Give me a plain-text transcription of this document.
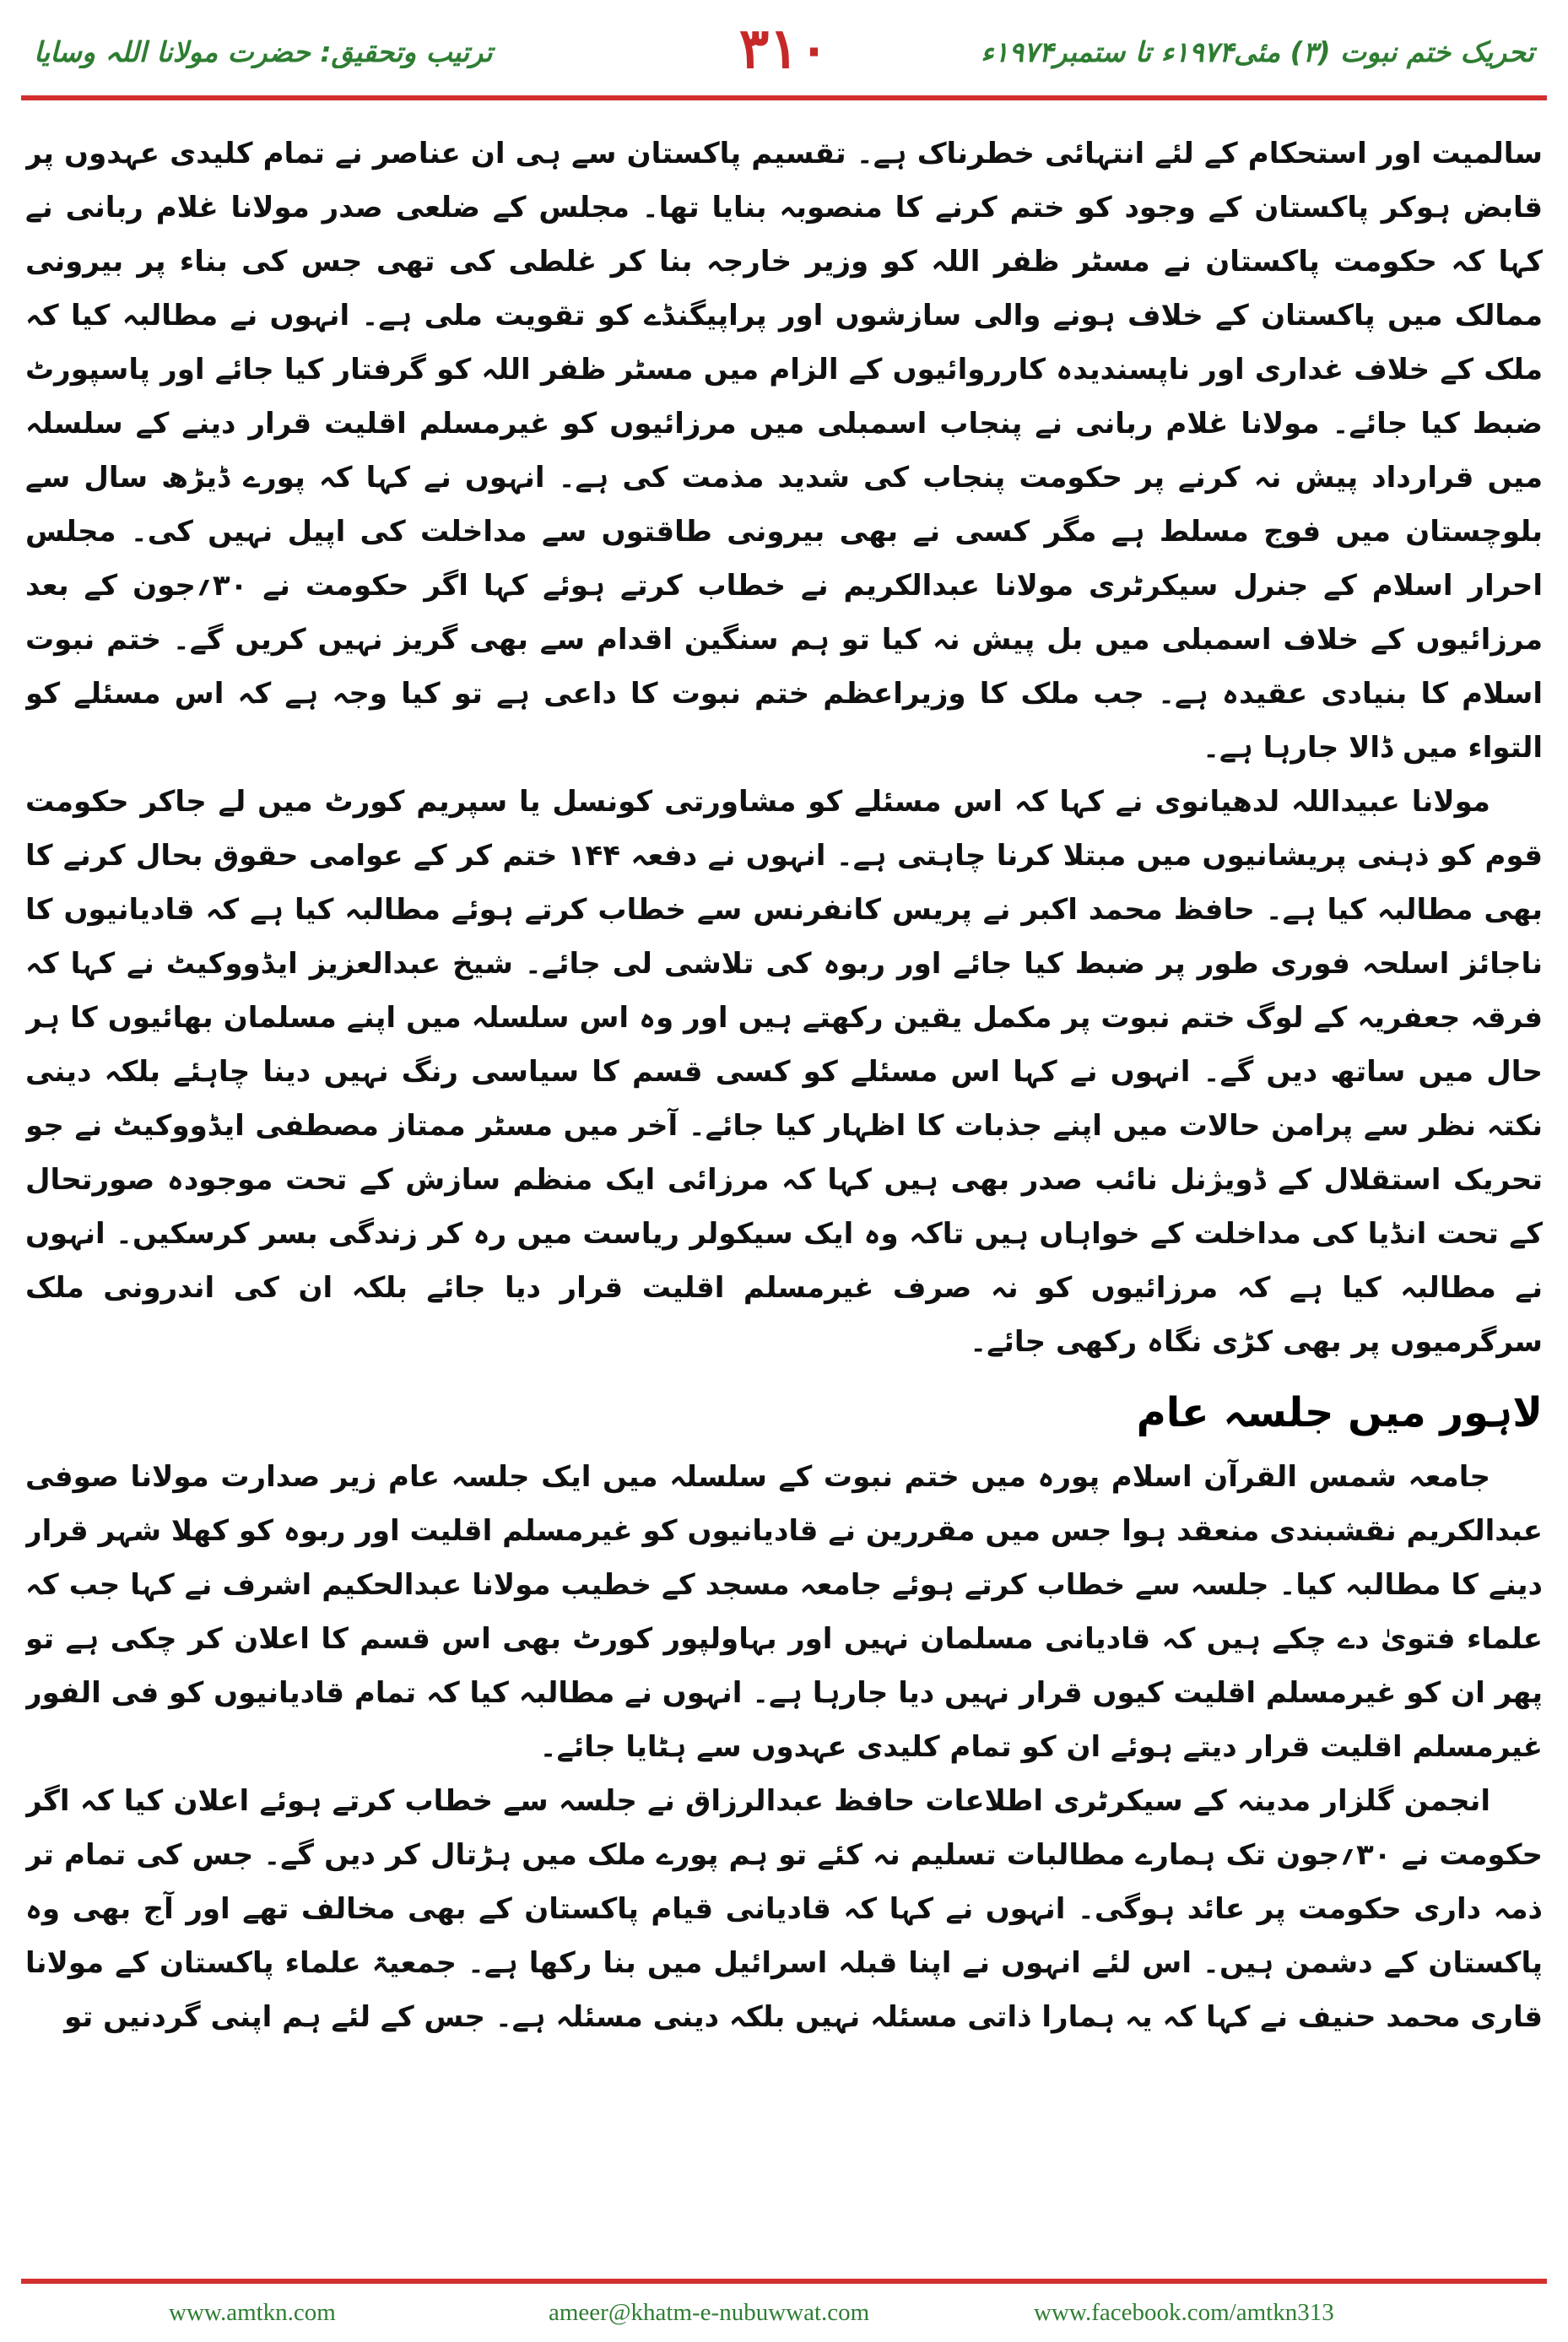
تحریک ختم نبوت (۳) مئی۱۹۷۴ء تا ستمبر۱۹۷۴ء
۳۱۰
ترتیب وتحقیق: حضرت مولانا اللہ وسایا

سالمیت اور استحکام کے لئے انتہائی خطرناک ہے۔ تقسیم پاکستان سے ہی ان عناصر نے تمام کلیدی عہدوں پر قابض ہوکر پاکستان کے وجود کو ختم کرنے کا منصوبہ بنایا تھا۔ مجلس کے ضلعی صدر مولانا غلام ربانی نے کہا کہ حکومت پاکستان نے مسٹر ظفر اللہ کو وزیر خارجہ بنا کر غلطی کی تھی جس کی بناء پر بیرونی ممالک میں پاکستان کے خلاف ہونے والی سازشوں اور پراپیگنڈے کو تقویت ملی ہے۔ انہوں نے مطالبہ کیا کہ ملک کے خلاف غداری اور ناپسندیدہ کارروائیوں کے الزام میں مسٹر ظفر اللہ کو گرفتار کیا جائے اور پاسپورٹ ضبط کیا جائے۔ مولانا غلام ربانی نے پنجاب اسمبلی میں مرزائیوں کو غیرمسلم اقلیت قرار دینے کے سلسلہ میں قرارداد پیش نہ کرنے پر حکومت پنجاب کی شدید مذمت کی ہے۔ انہوں نے کہا کہ پورے ڈیڑھ سال سے بلوچستان میں فوج مسلط ہے مگر کسی نے بھی بیرونی طاقتوں سے مداخلت کی اپیل نہیں کی۔ مجلس احرار اسلام کے جنرل سیکرٹری مولانا عبدالکریم نے خطاب کرتے ہوئے کہا اگر حکومت نے ۳۰؍جون کے بعد مرزائیوں کے خلاف اسمبلی میں بل پیش نہ کیا تو ہم سنگین اقدام سے بھی گریز نہیں کریں گے۔ ختم نبوت اسلام کا بنیادی عقیدہ ہے۔ جب ملک کا وزیراعظم ختم نبوت کا داعی ہے تو کیا وجہ ہے کہ اس مسئلے کو التواء میں ڈالا جارہا ہے۔

مولانا عبیداللہ لدھیانوی نے کہا کہ اس مسئلے کو مشاورتی کونسل یا سپریم کورٹ میں لے جاکر حکومت قوم کو ذہنی پریشانیوں میں مبتلا کرنا چاہتی ہے۔ انہوں نے دفعہ ۱۴۴ ختم کر کے عوامی حقوق بحال کرنے کا بھی مطالبہ کیا ہے۔ حافظ محمد اکبر نے پریس کانفرنس سے خطاب کرتے ہوئے مطالبہ کیا ہے کہ قادیانیوں کا ناجائز اسلحہ فوری طور پر ضبط کیا جائے اور ربوہ کی تلاشی لی جائے۔ شیخ عبدالعزیز ایڈووکیٹ نے کہا کہ فرقہ جعفریہ کے لوگ ختم نبوت پر مکمل یقین رکھتے ہیں اور وہ اس سلسلہ میں اپنے مسلمان بھائیوں کا ہر حال میں ساتھ دیں گے۔ انہوں نے کہا اس مسئلے کو کسی قسم کا سیاسی رنگ نہیں دینا چاہئے بلکہ دینی نکتہ نظر سے پرامن حالات میں اپنے جذبات کا اظہار کیا جائے۔ آخر میں مسٹر ممتاز مصطفی ایڈووکیٹ نے جو تحریک استقلال کے ڈویژنل نائب صدر بھی ہیں کہا کہ مرزائی ایک منظم سازش کے تحت موجودہ صورتحال کے تحت انڈیا کی مداخلت کے خواہاں ہیں تاکہ وہ ایک سیکولر ریاست میں رہ کر زندگی بسر کرسکیں۔ انہوں نے مطالبہ کیا ہے کہ مرزائیوں کو نہ صرف غیرمسلم اقلیت قرار دیا جائے بلکہ ان کی اندرونی ملک سرگرمیوں پر بھی کڑی نگاہ رکھی جائے۔

لاہور میں جلسہ عام

جامعہ شمس القرآن اسلام پورہ میں ختم نبوت کے سلسلہ میں ایک جلسہ عام زیر صدارت مولانا صوفی عبدالکریم نقشبندی منعقد ہوا جس میں مقررین نے قادیانیوں کو غیرمسلم اقلیت اور ربوہ کو کھلا شہر قرار دینے کا مطالبہ کیا۔ جلسہ سے خطاب کرتے ہوئے جامعہ مسجد کے خطیب مولانا عبدالحکیم اشرف نے کہا جب کہ علماء فتویٰ دے چکے ہیں کہ قادیانی مسلمان نہیں اور بہاولپور کورٹ بھی اس قسم کا اعلان کر چکی ہے تو پھر ان کو غیرمسلم اقلیت کیوں قرار نہیں دیا جارہا ہے۔ انہوں نے مطالبہ کیا کہ تمام قادیانیوں کو فی الفور غیرمسلم اقلیت قرار دیتے ہوئے ان کو تمام کلیدی عہدوں سے ہٹایا جائے۔

انجمن گلزار مدینہ کے سیکرٹری اطلاعات حافظ عبدالرزاق نے جلسہ سے خطاب کرتے ہوئے اعلان کیا کہ اگر حکومت نے ۳۰؍جون تک ہمارے مطالبات تسلیم نہ کئے تو ہم پورے ملک میں ہڑتال کر دیں گے۔ جس کی تمام تر ذمہ داری حکومت پر عائد ہوگی۔ انہوں نے کہا کہ قادیانی قیام پاکستان کے بھی مخالف تھے اور آج بھی وہ پاکستان کے دشمن ہیں۔ اس لئے انہوں نے اپنا قبلہ اسرائیل میں بنا رکھا ہے۔ جمعیۃ علماء پاکستان کے مولانا قاری محمد حنیف نے کہا کہ یہ ہمارا ذاتی مسئلہ نہیں بلکہ دینی مسئلہ ہے۔ جس کے لئے ہم اپنی گردنیں تو

www.amtkn.com	ameer@khatm-e-nubuwwat.com	www.facebook.com/amtkn313
